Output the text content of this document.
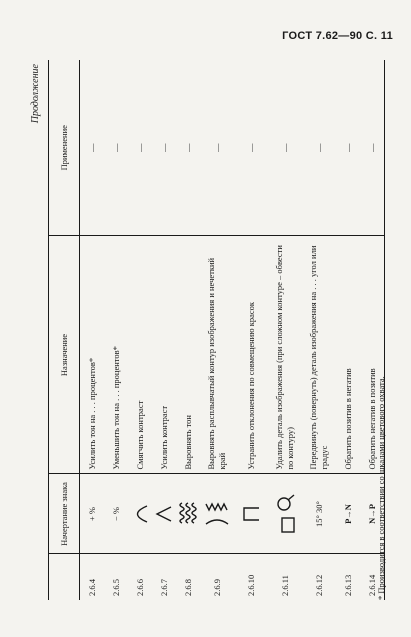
ГОСТ 7.62—90 С. 11
Продолжение
	Начертание знака	Назначение	Применение
2.6.4	+ %	Усилить тон на . . . процентов*	—
2.6.5	− %	Уменьшить тон на . . . процентов*	—
2.6.6		Смягчить контраст	—
2.6.7		Усилить контраст	—
2.6.8		Выровнять тон	—
2.6.9		Выровнять расплывчатый контур изображения и нечеткий край	—
2.6.10		Устранить отклонения по совмещению красок	—
2.6.11		Удалить деталь изображения (при сложном контуре – обвести по контуру)	—
2.6.12	15° 30°	Передвинуть (повернуть) деталь изображения на . . . угол или градус	—
2.6.13	P→N	Обратить позитив в негатив	—
2.6.14	N→P	Обратить негатив в позитив	—
* Производится в соответствии со шкалами цветового охвата.
